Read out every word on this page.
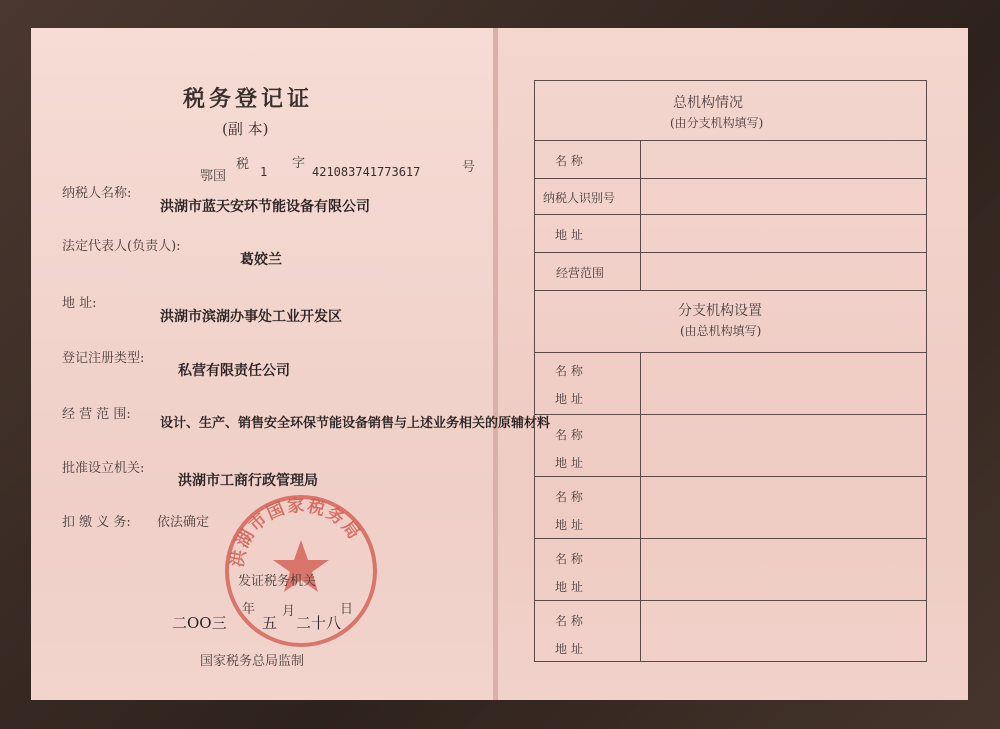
税务登记证
(副 本)
鄂国
税 1
字
421083741773617	号
纳税人名称:
洪湖市蓝天安环节能设备有限公司
法定代表人(负责人):
葛姣兰
地 址:
洪湖市滨湖办事处工业开发区
登记注册类型:
私营有限责任公司
经 营 范 围:
设计、生产、销售安全环保节能设备销售与上述业务相关的原辅材料
批准设立机关:
洪湖市工商行政管理局
扣 缴 义 务: 依法确定
洪湖市国家税务局
发证税务机关
二OO三
年
五
月
二十八
日
国家税务总局监制
总机构情况
(由分支机构填写)
名 称
纳税人识别号
地 址
经营范围
分支机构设置
(由总机构填写)
名 称
地 址
名 称
地 址
名 称
地 址
名 称
地 址
名 称
地 址
